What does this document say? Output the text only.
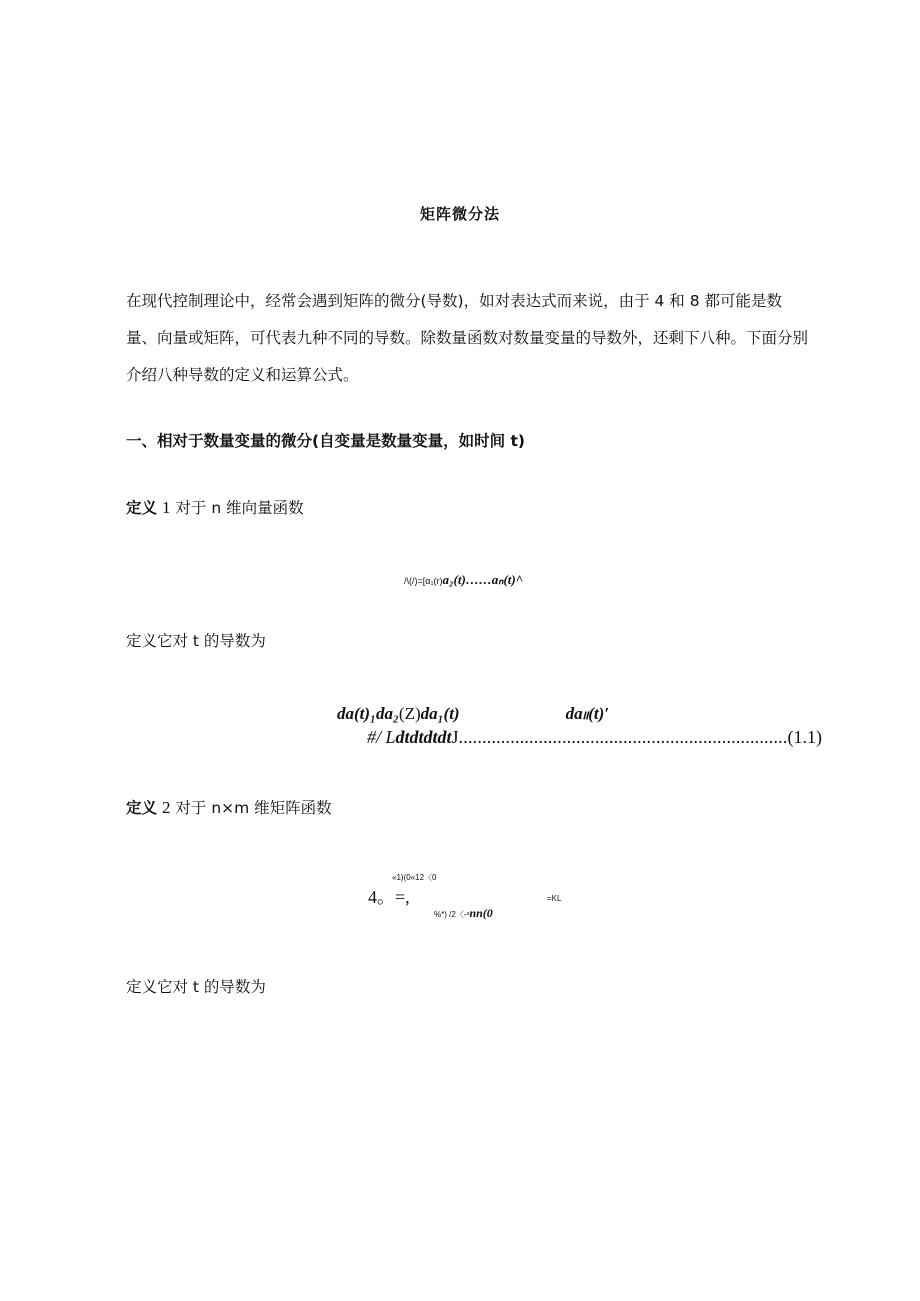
矩阵微分法

在现代控制理论中，经常会遇到矩阵的微分(导数)，如对表达式而来说，由于 4 和 8 都可能是数

量、向量或矩阵，可代表九种不同的导数。除数量函数对数量变量的导数外，还剩下八种。下面分别

介绍八种导数的定义和运算公式。

一、相对于数量变量的微分(自变量是数量变量，如时间 t)
定义 1 对于 n 维向量函数
/\(/)=[α₁(r)a₂(t)……aₙ(t)^
定义它对 t 的导数为
da(t)₁da₂(Z)da₁(t)	daₗₗ(t)′
#/ LdtdtdtdtJ......................................................................(1.1)
定义 2 对于 n×m 维矩阵函数
«1)(0«12〈0
4。=,	=KL
%*) /2〈-ᵃnn(0
定义它对 t 的导数为
